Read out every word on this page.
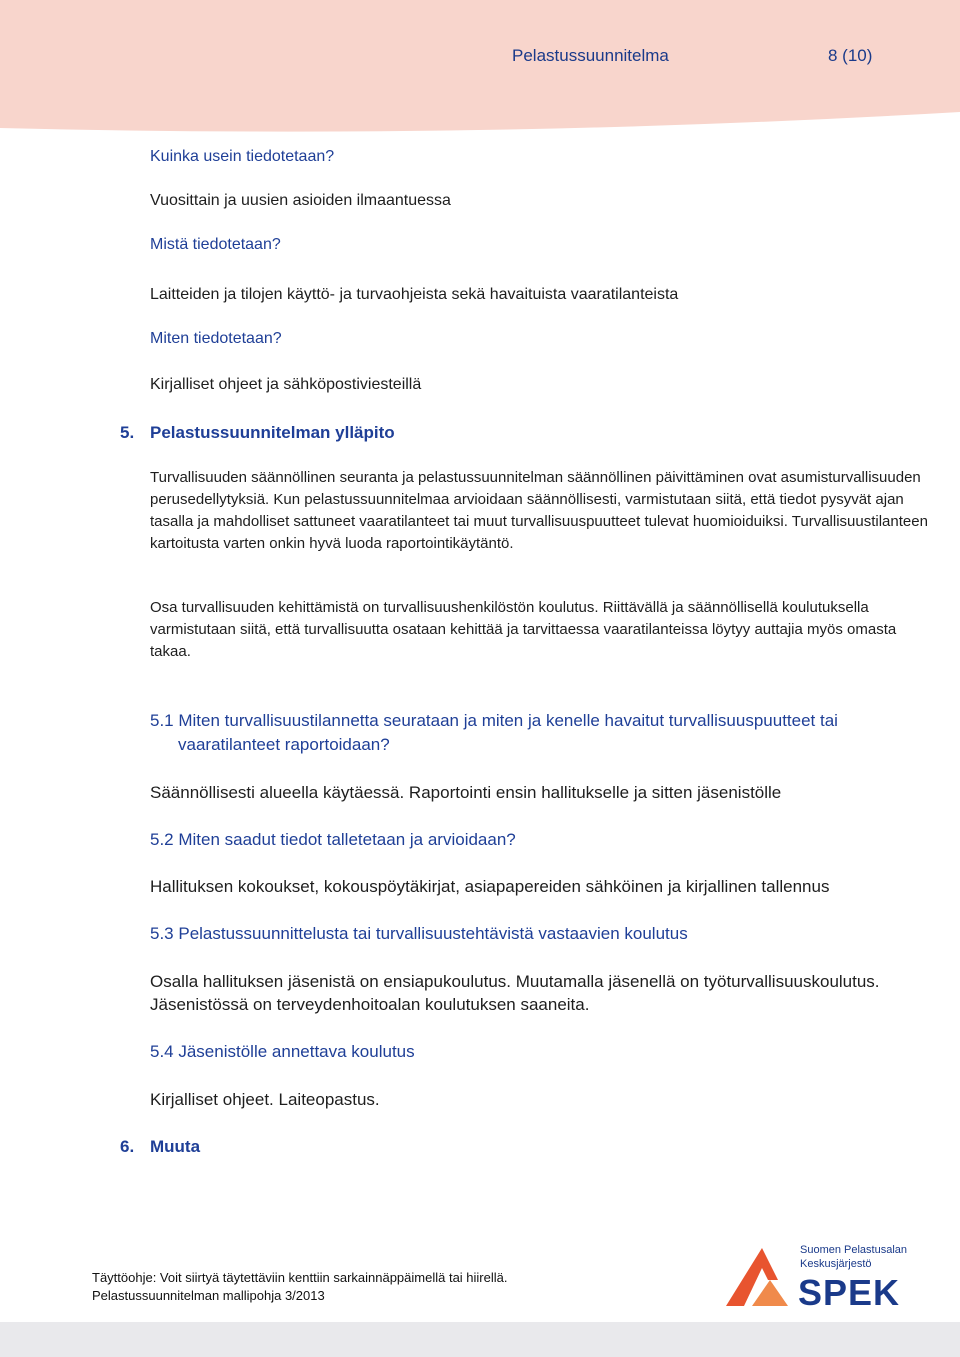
Pelastussuunnitelma	8 (10)
Kuinka usein tiedotetaan?
Vuosittain ja uusien asioiden ilmaantuessa
Mistä tiedotetaan?
Laitteiden ja tilojen käyttö- ja turvaohjeista sekä havaituista vaaratilanteista
Miten tiedotetaan?
Kirjalliset ohjeet ja sähköpostiviesteillä
5. Pelastussuunnitelman ylläpito
Turvallisuuden säännöllinen seuranta ja pelastussuunnitelman säännöllinen päivittäminen ovat asumisturvallisuuden perusedellytyksiä. Kun pelastussuunnitelmaa arvioidaan säännöllisesti, varmistutaan siitä, että tiedot pysyvät ajan tasalla ja mahdolliset sattuneet vaaratilanteet tai muut turvallisuuspuutteet tulevat huomioiduiksi. Turvallisuustilanteen kartoitusta varten onkin hyvä luoda raportointikäytäntö.
Osa turvallisuuden kehittämistä on turvallisuushenkilöstön koulutus. Riittävällä ja säännöllisellä koulutuksella varmistutaan siitä, että turvallisuutta osataan kehittää ja tarvittaessa vaaratilanteissa löytyy auttajia myös omasta takaa.
5.1 Miten turvallisuustilannetta seurataan ja miten ja kenelle havaitut turvallisuuspuutteet tai
vaaratilanteet raportoidaan?
Säännöllisesti alueella käytäessä. Raportointi ensin hallitukselle ja sitten jäsenistölle
5.2 Miten saadut tiedot talletetaan ja arvioidaan?
Hallituksen kokoukset, kokouspöytäkirjat, asiapapereiden sähköinen ja kirjallinen tallennus
5.3 Pelastussuunnittelusta tai turvallisuustehtävistä vastaavien koulutus
Osalla hallituksen jäsenistä on ensiapukoulutus. Muutamalla jäsenellä on työturvallisuuskoulutus.
Jäsenistössä on terveydenhoitoalan koulutuksen saaneita.
5.4 Jäsenistölle annettava koulutus
Kirjalliset ohjeet. Laiteopastus.
6. Muuta
Täyttöohje: Voit siirtyä täytettäviin kenttiin sarkainnäppäimellä tai hiirellä.
Pelastussuunnitelman mallipohja 3/2013
Suomen Pelastusalan
Keskusjärjestö
SPEK
